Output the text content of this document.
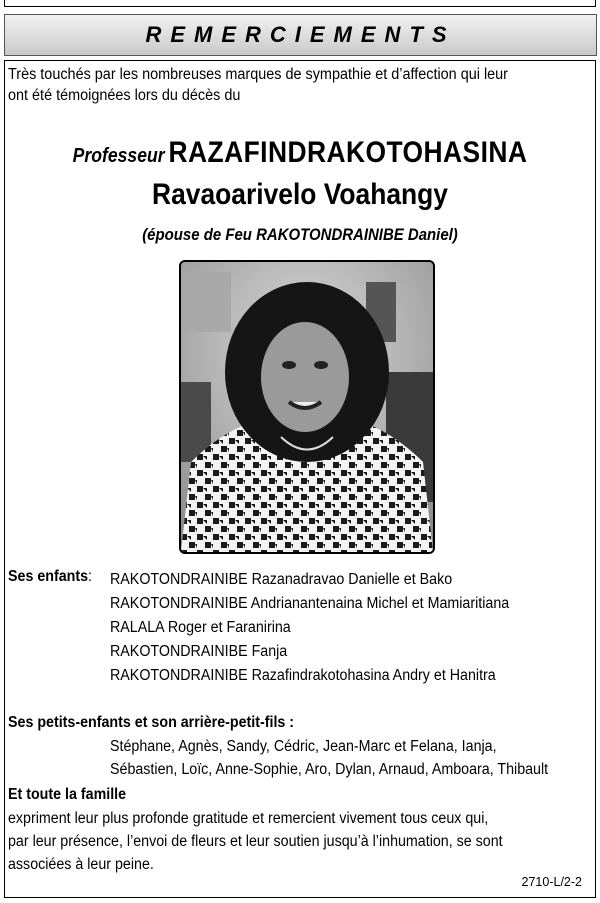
REMERCIEMENTS
Très touchés par les nombreuses marques de sympathie et d’affection qui leur
ont été témoignées lors du décès du
Professeur RAZAFINDRAKOTOHASINA
Ravaoarivelo Voahangy
(épouse de Feu RAKOTONDRAINIBE Daniel)
Ses enfants: RAKOTONDRAINIBE Razanadravao Danielle et Bako
RAKOTONDRAINIBE Andrianantenaina Michel et Mamiaritiana
RALALA Roger et Faranirina
RAKOTONDRAINIBE Fanja
RAKOTONDRAINIBE Razafindrakotohasina Andry et Hanitra
Ses petits-enfants et son arrière-petit-fils :
Stéphane, Agnès, Sandy, Cédric, Jean-Marc et Felana, Ianja,
Sébastien, Loïc, Anne-Sophie, Aro, Dylan, Arnaud, Amboara, Thibault
Et toute la famille
expriment leur plus profonde gratitude et remercient vivement tous ceux qui,
par leur présence, l’envoi de fleurs et leur soutien jusqu’à l’inhumation, se sont
associées à leur peine.
2710-L/2-2
